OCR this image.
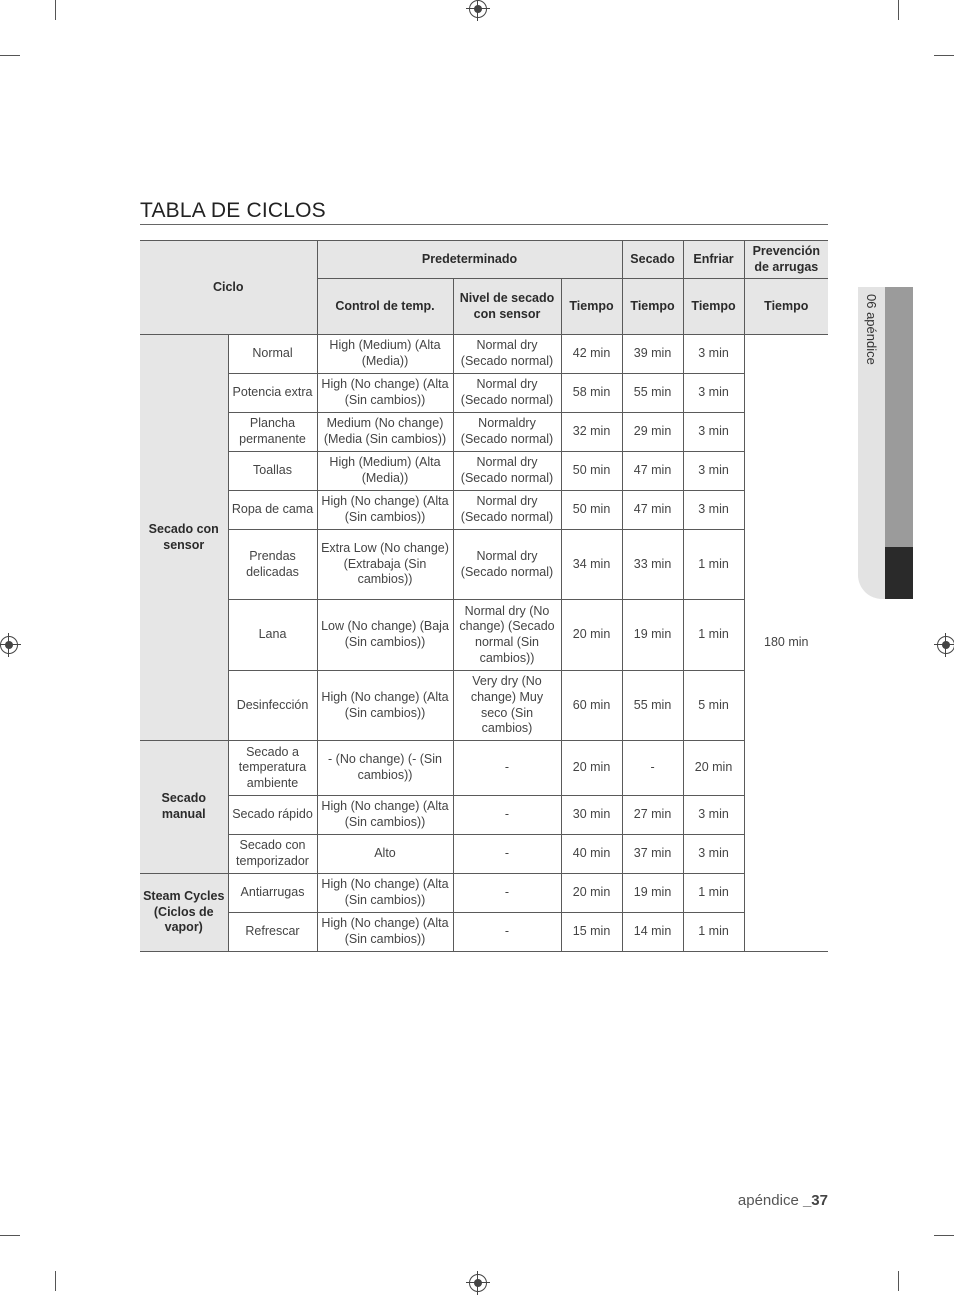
TABLA DE CICLOS
Ciclo		Predeterminado			Secado	Enfriar	Prevención de arrugas
		Control de temp.	Nivel de secado con sensor	Tiempo	Tiempo	Tiempo	Tiempo
Secado con sensor	Normal	High (Medium) (Alta (Media))	Normal dry (Secado normal)	42 min	39 min	3 min	180 min
	Potencia extra	High (No change) (Alta (Sin cambios))	Normal dry (Secado normal)	58 min	55 min	3 min	
	Plancha permanente	Medium (No change) (Media (Sin cambios))	Normaldry (Secado normal)	32 min	29 min	3 min	
	Toallas	High (Medium) (Alta (Media))	Normal dry (Secado normal)	50 min	47 min	3 min	
	Ropa de cama	High (No change) (Alta (Sin cambios))	Normal dry (Secado normal)	50 min	47 min	3 min	
	Prendas delicadas	Extra Low (No change) (Extrabaja (Sin cambios))	Normal dry (Secado normal)	34 min	33 min	1 min	
	Lana	Low (No change) (Baja (Sin cambios))	Normal dry (No change) (Secado normal (Sin cambios))	20 min	19 min	1 min	
	Desinfección	High (No change) (Alta (Sin cambios))	Very dry (No change) Muy seco (Sin cambios)	60 min	55 min	5 min	
Secado manual	Secado a temperatura ambiente	- (No change) (- (Sin cambios))	-	20 min	-	20 min	
	Secado rápido	High (No change) (Alta (Sin cambios))	-	30 min	27 min	3 min	
	Secado con temporizador	Alto	-	40 min	37 min	3 min	
Steam Cycles (Ciclos de vapor)	Antiarrugas	High (No change) (Alta (Sin cambios))	-	20 min	19 min	1 min	
	Refrescar	High (No change) (Alta (Sin cambios))	-	15 min	14 min	1 min	
06 apéndice
apéndice _37
